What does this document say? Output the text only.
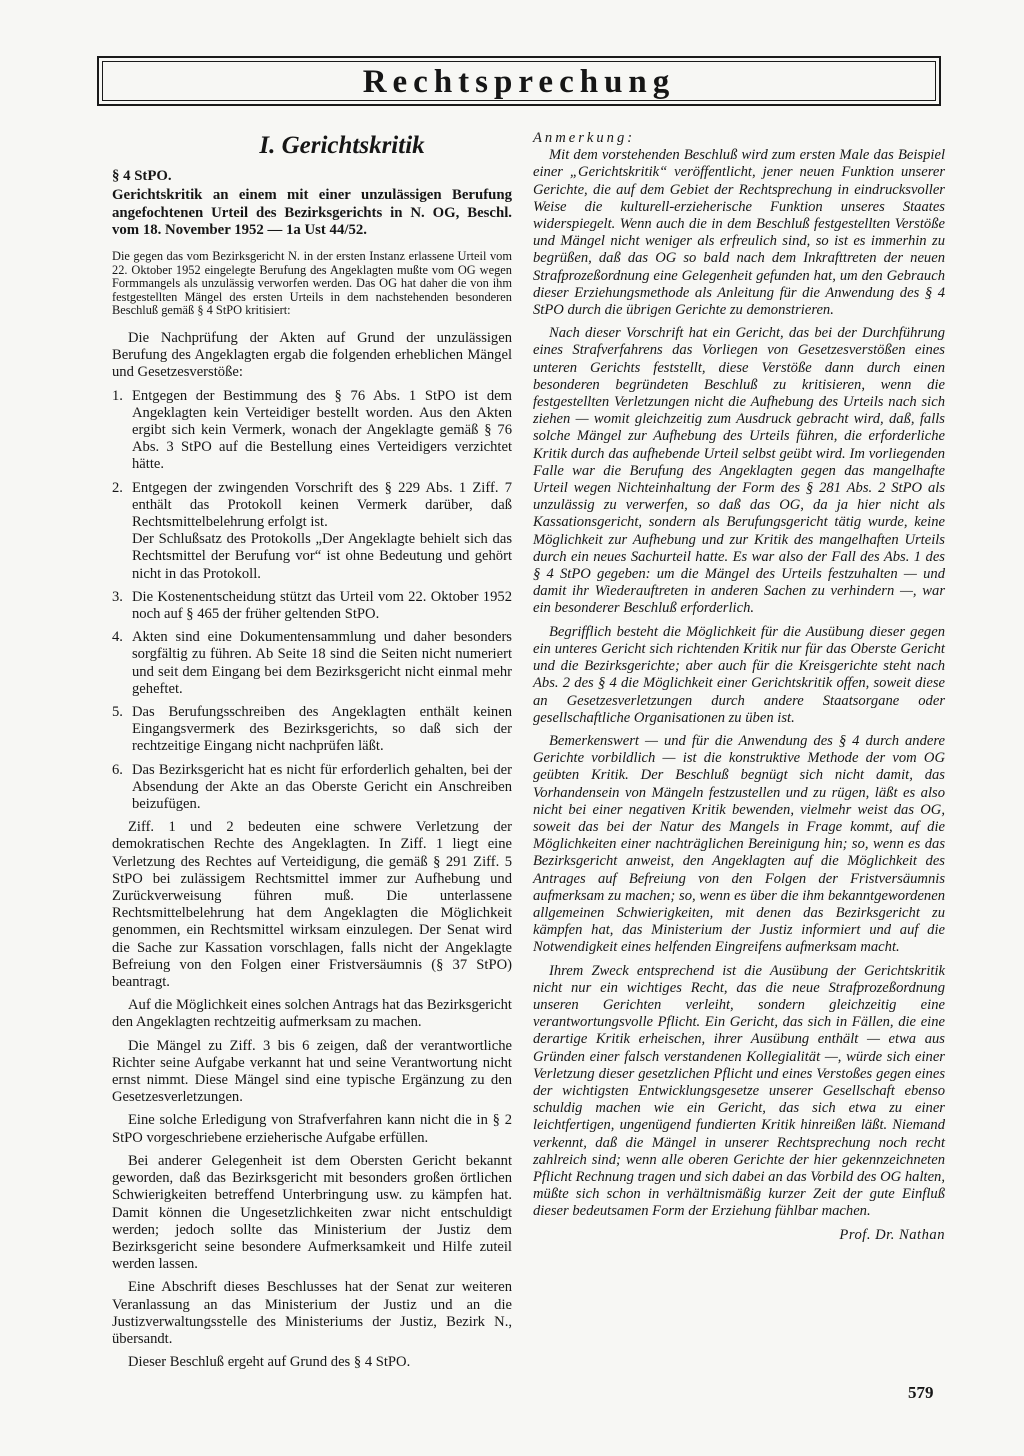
Rechtsprechung
I. Gerichtskritik
§ 4 StPO.
Gerichtskritik an einem mit einer unzulässigen Berufung angefochtenen Urteil des Bezirksgerichts in N. OG, Beschl. vom 18. November 1952 — 1a Ust 44/52.
Die gegen das vom Bezirksgericht N. in der ersten Instanz erlassene Urteil vom 22. Oktober 1952 eingelegte Berufung des Angeklagten mußte vom OG wegen Formmangels als unzulässig verworfen werden. Das OG hat daher die von ihm festgestellten Mängel des ersten Urteils in dem nachstehenden besonderen Beschluß gemäß § 4 StPO kritisiert:
Die Nachprüfung der Akten auf Grund der unzulässigen Berufung des Angeklagten ergab die folgenden erheblichen Mängel und Gesetzesverstöße:
1. Entgegen der Bestimmung des § 76 Abs. 1 StPO ist dem Angeklagten kein Verteidiger bestellt worden. Aus den Akten ergibt sich kein Vermerk, wonach der Angeklagte gemäß § 76 Abs. 3 StPO auf die Bestellung eines Verteidigers verzichtet hätte.
2. Entgegen der zwingenden Vorschrift des § 229 Abs. 1 Ziff. 7 enthält das Protokoll keinen Vermerk darüber, daß Rechtsmittelbelehrung erfolgt ist.
Der Schlußsatz des Protokolls „Der Angeklagte behielt sich das Rechtsmittel der Berufung vor“ ist ohne Bedeutung und gehört nicht in das Protokoll.
3. Die Kostenentscheidung stützt das Urteil vom 22. Oktober 1952 noch auf § 465 der früher geltenden StPO.
4. Akten sind eine Dokumentensammlung und daher besonders sorgfältig zu führen. Ab Seite 18 sind die Seiten nicht numeriert und seit dem Eingang bei dem Bezirksgericht nicht einmal mehr geheftet.
5. Das Berufungsschreiben des Angeklagten enthält keinen Eingangsvermerk des Bezirksgerichts, so daß sich der rechtzeitige Eingang nicht nachprüfen läßt.
6. Das Bezirksgericht hat es nicht für erforderlich gehalten, bei der Absendung der Akte an das Oberste Gericht ein Anschreiben beizufügen.
Ziff. 1 und 2 bedeuten eine schwere Verletzung der demokratischen Rechte des Angeklagten. In Ziff. 1 liegt eine Verletzung des Rechtes auf Verteidigung, die gemäß § 291 Ziff. 5 StPO bei zulässigem Rechtsmittel immer zur Aufhebung und Zurückverweisung führen muß. Die unterlassene Rechtsmittelbelehrung hat dem Angeklagten die Möglichkeit genommen, ein Rechtsmittel wirksam einzulegen. Der Senat wird die Sache zur Kassation vorschlagen, falls nicht der Angeklagte Befreiung von den Folgen einer Fristversäumnis (§ 37 StPO) beantragt.
Auf die Möglichkeit eines solchen Antrags hat das Bezirksgericht den Angeklagten rechtzeitig aufmerksam zu machen.
Die Mängel zu Ziff. 3 bis 6 zeigen, daß der verantwortliche Richter seine Aufgabe verkannt hat und seine Verantwortung nicht ernst nimmt. Diese Mängel sind eine typische Ergänzung zu den Gesetzesverletzungen.
Eine solche Erledigung von Strafverfahren kann nicht die in § 2 StPO vorgeschriebene erzieherische Aufgabe erfüllen.
Bei anderer Gelegenheit ist dem Obersten Gericht bekannt geworden, daß das Bezirksgericht mit besonders großen örtlichen Schwierigkeiten betreffend Unterbringung usw. zu kämpfen hat. Damit können die Ungesetzlichkeiten zwar nicht entschuldigt werden; jedoch sollte das Ministerium der Justiz dem Bezirksgericht seine besondere Aufmerksamkeit und Hilfe zuteil werden lassen.
Eine Abschrift dieses Beschlusses hat der Senat zur weiteren Veranlassung an das Ministerium der Justiz und an die Justizverwaltungsstelle des Ministeriums der Justiz, Bezirk N., übersandt.
Dieser Beschluß ergeht auf Grund des § 4 StPO.
Anmerkung:
Mit dem vorstehenden Beschluß wird zum ersten Male das Beispiel einer „Gerichtskritik“ veröffentlicht, jener neuen Funktion unserer Gerichte, die auf dem Gebiet der Rechtsprechung in eindrucksvoller Weise die kulturell-erzieherische Funktion unseres Staates widerspiegelt. Wenn auch die in dem Beschluß festgestellten Verstöße und Mängel nicht weniger als erfreulich sind, so ist es immerhin zu begrüßen, daß das OG so bald nach dem Inkrafttreten der neuen Strafprozeßordnung eine Gelegenheit gefunden hat, um den Gebrauch dieser Erziehungsmethode als Anleitung für die Anwendung des § 4 StPO durch die übrigen Gerichte zu demonstrieren.
Nach dieser Vorschrift hat ein Gericht, das bei der Durchführung eines Strafverfahrens das Vorliegen von Gesetzesverstößen eines unteren Gerichts feststellt, diese Verstöße dann durch einen besonderen begründeten Beschluß zu kritisieren, wenn die festgestellten Verletzungen nicht die Aufhebung des Urteils nach sich ziehen — womit gleichzeitig zum Ausdruck gebracht wird, daß, falls solche Mängel zur Aufhebung des Urteils führen, die erforderliche Kritik durch das aufhebende Urteil selbst geübt wird. Im vorliegenden Falle war die Berufung des Angeklagten gegen das mangelhafte Urteil wegen Nichteinhaltung der Form des § 281 Abs. 2 StPO als unzulässig zu verwerfen, so daß das OG, da ja hier nicht als Kassationsgericht, sondern als Berufungsgericht tätig wurde, keine Möglichkeit zur Aufhebung und zur Kritik des mangelhaften Urteils durch ein neues Sachurteil hatte. Es war also der Fall des Abs. 1 des § 4 StPO gegeben: um die Mängel des Urteils festzuhalten — und damit ihr Wiederauftreten in anderen Sachen zu verhindern —, war ein besonderer Beschluß erforderlich.
Begrifflich besteht die Möglichkeit für die Ausübung dieser gegen ein unteres Gericht sich richtenden Kritik nur für das Oberste Gericht und die Bezirksgerichte; aber auch für die Kreisgerichte steht nach Abs. 2 des § 4 die Möglichkeit einer Gerichtskritik offen, soweit diese an Gesetzesverletzungen durch andere Staatsorgane oder gesellschaftliche Organisationen zu üben ist.
Bemerkenswert — und für die Anwendung des § 4 durch andere Gerichte vorbildlich — ist die konstruktive Methode der vom OG geübten Kritik. Der Beschluß begnügt sich nicht damit, das Vorhandensein von Mängeln festzustellen und zu rügen, läßt es also nicht bei einer negativen Kritik bewenden, vielmehr weist das OG, soweit das bei der Natur des Mangels in Frage kommt, auf die Möglichkeiten einer nachträglichen Bereinigung hin; so, wenn es das Bezirksgericht anweist, den Angeklagten auf die Möglichkeit des Antrages auf Befreiung von den Folgen der Fristversäumnis aufmerksam zu machen; so, wenn es über die ihm bekanntgewordenen allgemeinen Schwierigkeiten, mit denen das Bezirksgericht zu kämpfen hat, das Ministerium der Justiz informiert und auf die Notwendigkeit eines helfenden Eingreifens aufmerksam macht.
Ihrem Zweck entsprechend ist die Ausübung der Gerichtskritik nicht nur ein wichtiges Recht, das die neue Strafprozeßordnung unseren Gerichten verleiht, sondern gleichzeitig eine verantwortungsvolle Pflicht. Ein Gericht, das sich in Fällen, die eine derartige Kritik erheischen, ihrer Ausübung enthält — etwa aus Gründen einer falsch verstandenen Kollegialität —, würde sich einer Verletzung dieser gesetzlichen Pflicht und eines Verstoßes gegen eines der wichtigsten Entwicklungsgesetze unserer Gesellschaft ebenso schuldig machen wie ein Gericht, das sich etwa zu einer leichtfertigen, ungenügend fundierten Kritik hinreißen läßt. Niemand verkennt, daß die Mängel in unserer Rechtsprechung noch recht zahlreich sind; wenn alle oberen Gerichte der hier gekennzeichneten Pflicht Rechnung tragen und sich dabei an das Vorbild des OG halten, müßte sich schon in verhältnismäßig kurzer Zeit der gute Einfluß dieser bedeutsamen Form der Erziehung fühlbar machen.
Prof. Dr. Nathan
579
